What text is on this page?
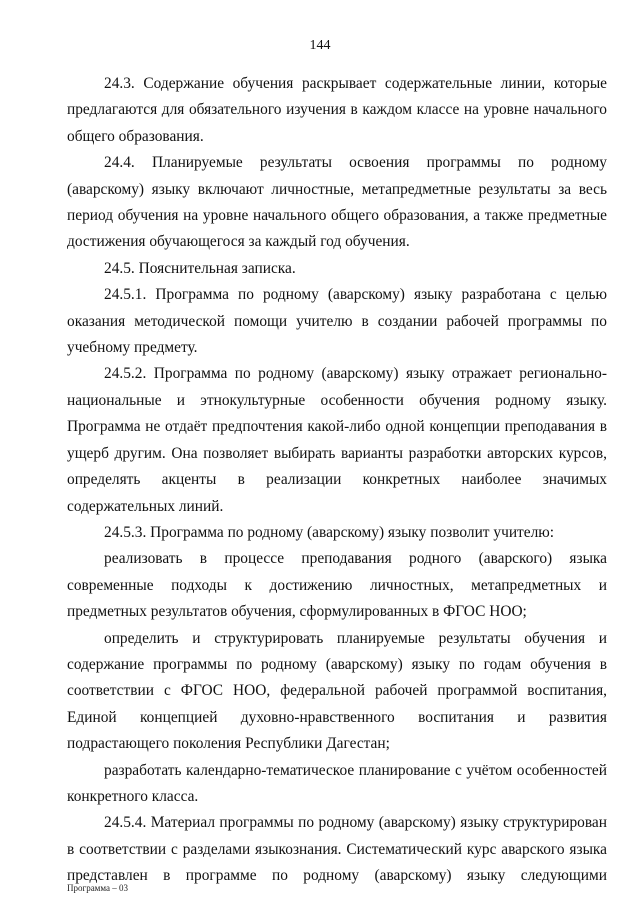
144

24.3. Содержание обучения раскрывает содержательные линии, которые предлагаются для обязательного изучения в каждом классе на уровне начального общего образования.

24.4. Планируемые результаты освоения программы по родному (аварскому) языку включают личностные, метапредметные результаты за весь период обучения на уровне начального общего образования, а также предметные достижения обучающегося за каждый год обучения.

24.5. Пояснительная записка.

24.5.1. Программа по родному (аварскому) языку разработана с целью оказания методической помощи учителю в создании рабочей программы по учебному предмету.

24.5.2. Программа по родному (аварскому) языку отражает регионально-национальные и этнокультурные особенности обучения родному языку. Программа не отдаёт предпочтения какой-либо одной концепции преподавания в ущерб другим. Она позволяет выбирать варианты разработки авторских курсов, определять акценты в реализации конкретных наиболее значимых содержательных линий.

24.5.3. Программа по родному (аварскому) языку позволит учителю:

реализовать в процессе преподавания родного (аварского) языка современные подходы к достижению личностных, метапредметных и предметных результатов обучения, сформулированных в ФГОС НОО;

определить и структурировать планируемые результаты обучения и содержание программы по родному (аварскому) языку по годам обучения в соответствии с ФГОС НОО, федеральной рабочей программой воспитания, Единой концепцией духовно-нравственного воспитания и развития подрастающего поколения Республики Дагестан;

разработать календарно-тематическое планирование с учётом особенностей конкретного класса.

24.5.4. Материал программы по родному (аварскому) языку структурирован в соответствии с разделами языкознания. Систематический курс аварского языка представлен в программе по родному (аварскому) языку следующими

Программа – 03
